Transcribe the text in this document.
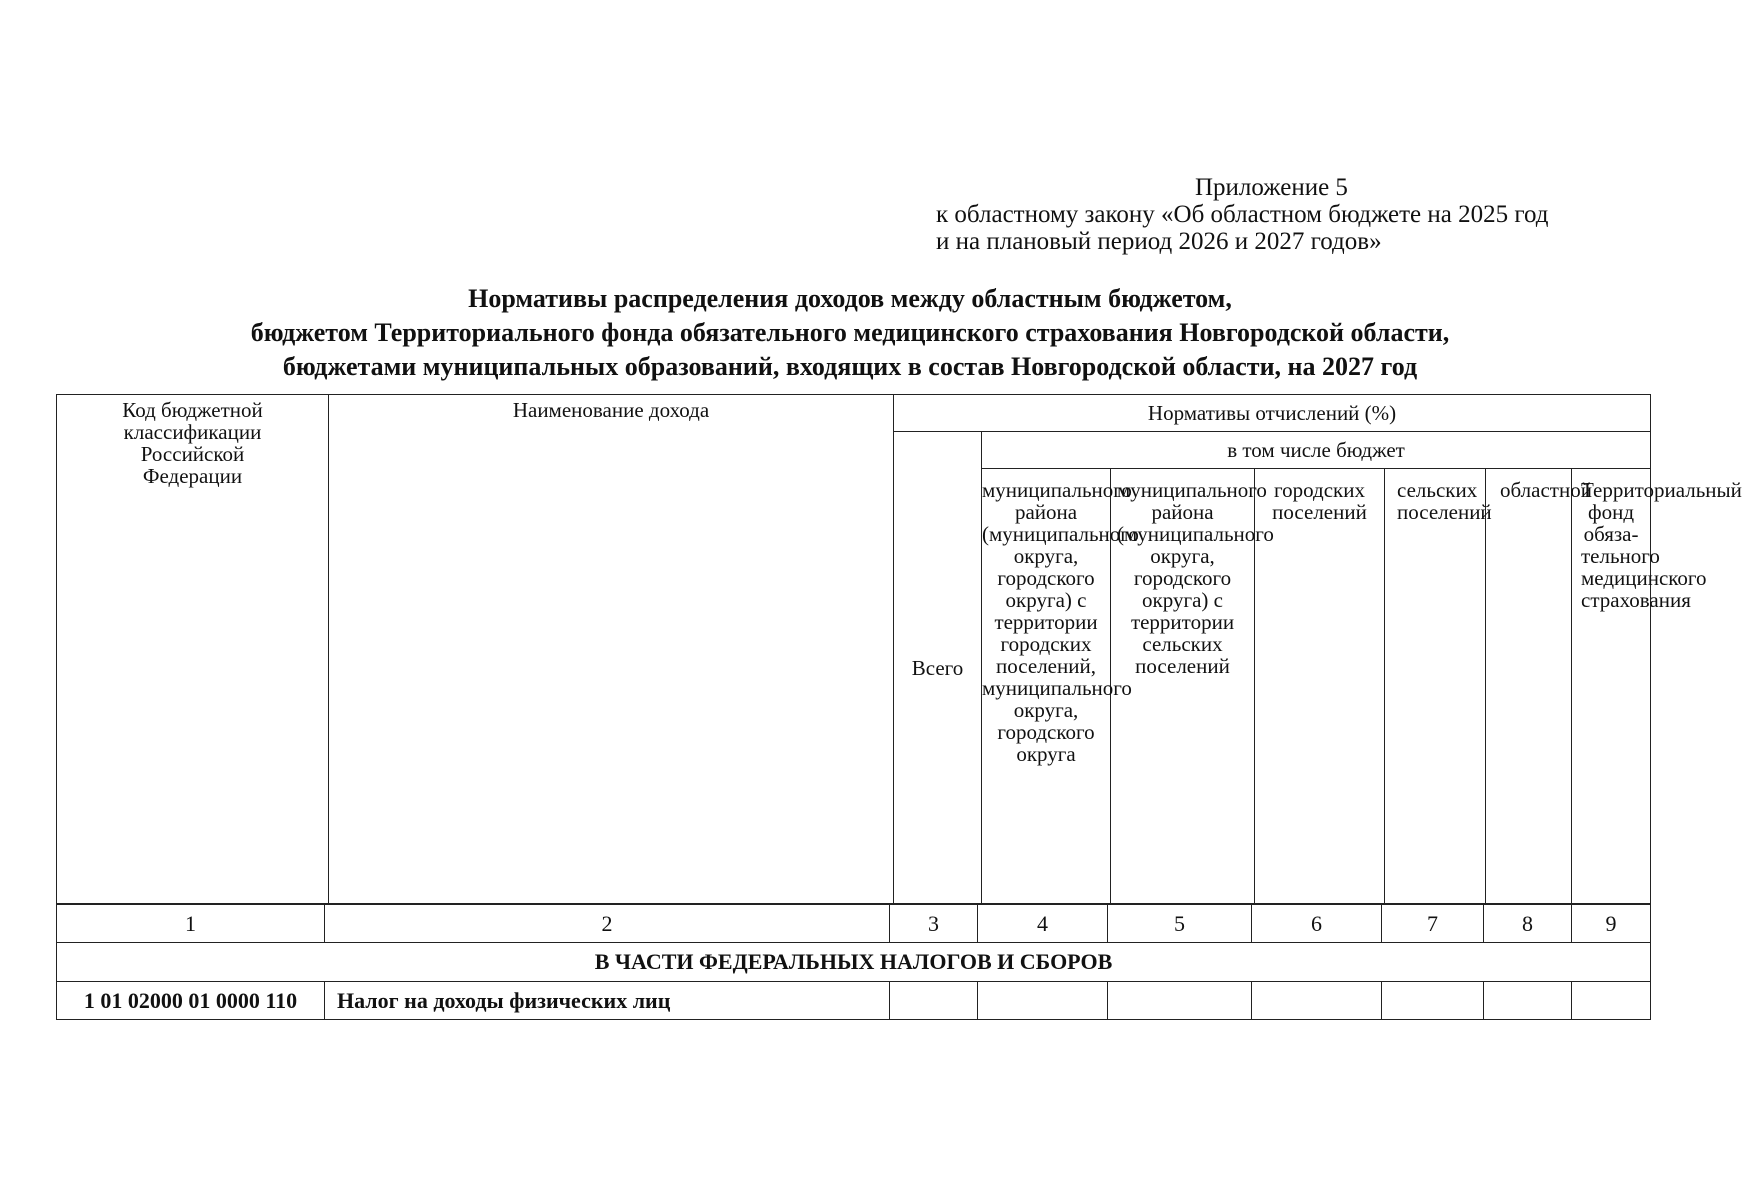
Приложение 5
к областному закону «Об областном бюджете на 2025 год
и на плановый период 2026 и 2027 годов»
Нормативы распределения доходов между областным бюджетом,
бюджетом Территориального фонда обязательного медицинского страхования Новгородской области,
бюджетами муниципальных образований, входящих в состав Новгородской области, на 2027 год
Код бюджетной классификации Российской Федерации	Наименование дохода	Нормативы отчислений (%)						
		Всего	в том числе бюджет					
			муниципального района (муниципального округа, городского округа) с территории городских поселений, муниципального округа, городского округа	муниципального района (муниципального округа, городского округа) с территории сельских поселений	городских поселений	сельских поселений	областной	Территориальный фонд обяза-тельного медицинского страхования
1	2	3	4	5	6	7	8	9
В ЧАСТИ ФЕДЕРАЛЬНЫХ НАЛОГОВ И СБОРОВ								
1 01 02000 01 0000 110	Налог на доходы физических лиц							
